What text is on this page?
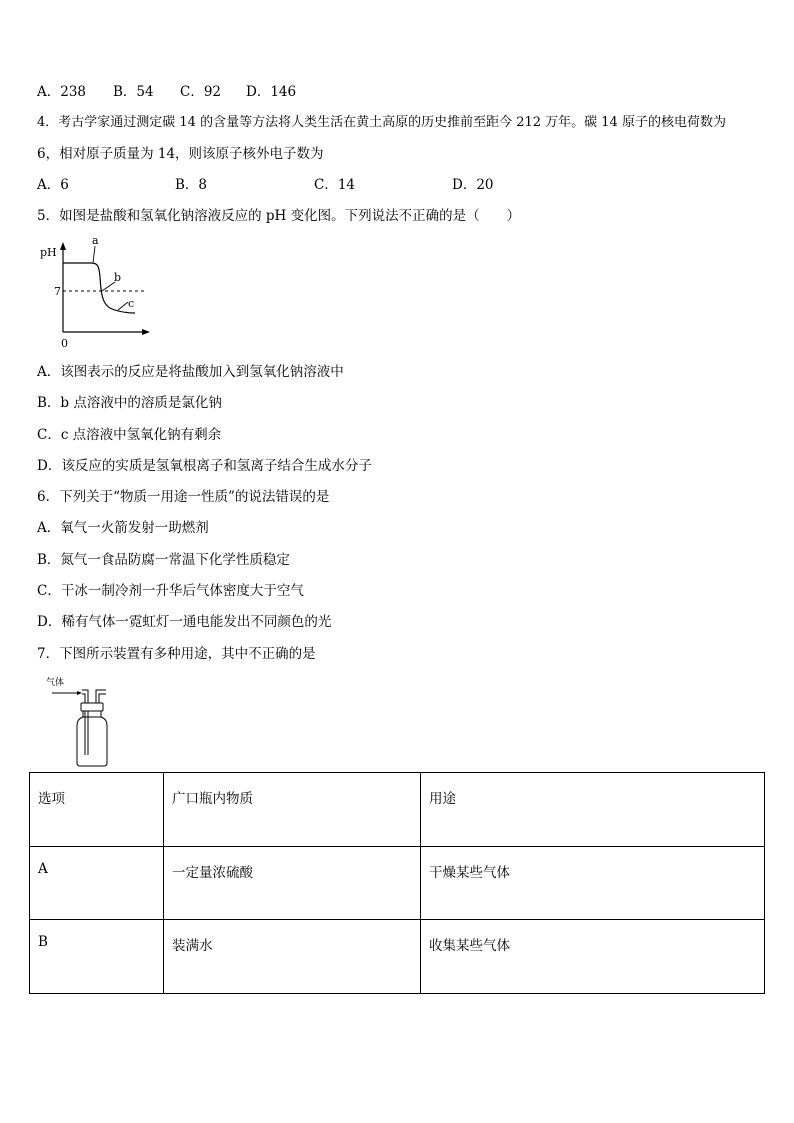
A．238 B．54 C．92 D．146
4．考古学家通过测定碳 14 的含量等方法将人类生活在黄土高原的历史推前至距今 212 万年。碳 14 原子的核电荷数为
6，相对原子质量为 14，则该原子核外电子数为
A．6	B．8	C．14	D．20
5．如图是盐酸和氢氧化钠溶液反应的 pH 变化图。下列说法不正确的是（　　）
pH
7
0
a
b
c
A．该图表示的反应是将盐酸加入到氢氧化钠溶液中
B．b 点溶液中的溶质是氯化钠
C．c 点溶液中氢氧化钠有剩余
D．该反应的实质是氢氧根离子和氢离子结合生成水分子
6．下列关于“物质一用途一性质”的说法错误的是
A．氧气一火箭发射一助燃剂
B．氮气一食品防腐一常温下化学性质稳定
C．干冰一制冷剂一升华后气体密度大于空气
D．稀有气体一霓虹灯一通电能发出不同颜色的光
7．下图所示装置有多种用途，其中不正确的是
气体
选项	广口瓶内物质	用途
A	一定量浓硫酸	干燥某些气体
B	装满水	收集某些气体
